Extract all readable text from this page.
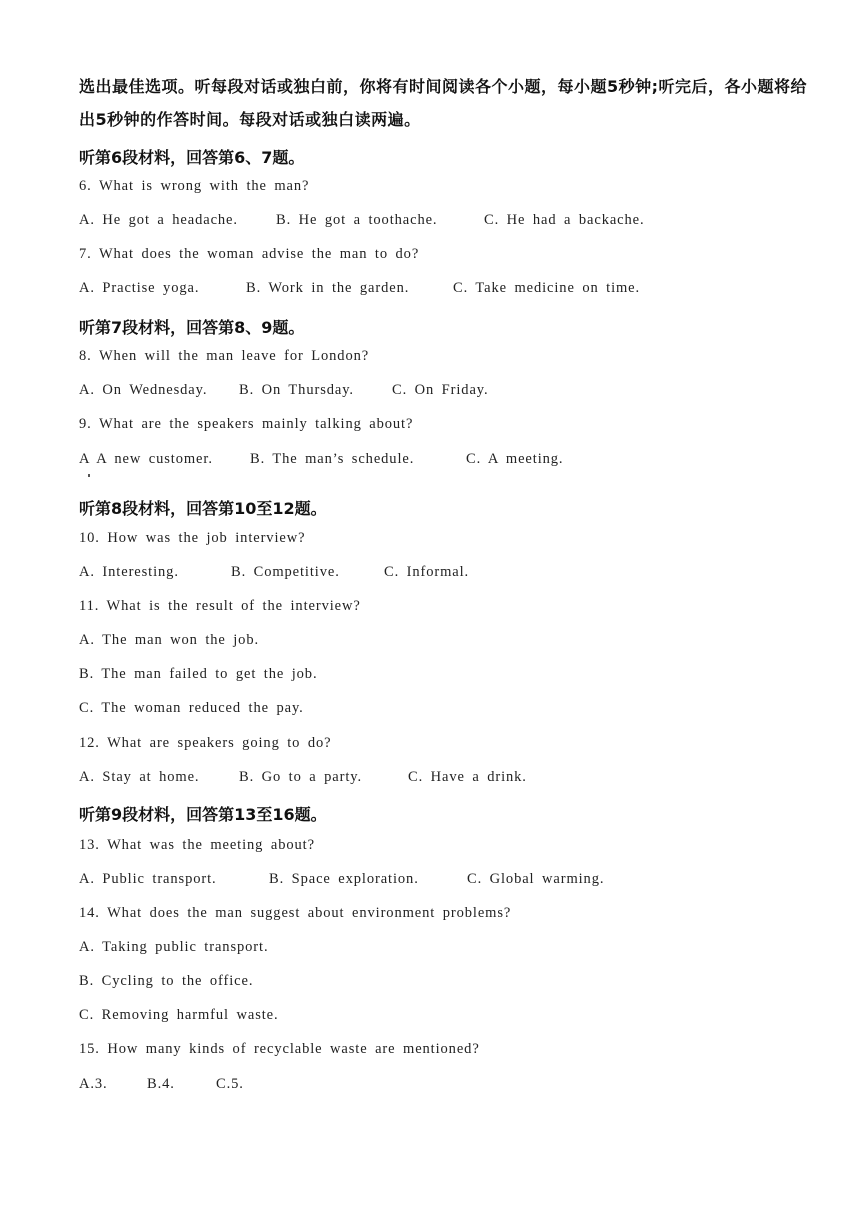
选出最佳选项。听每段对话或独白前，你将有时间阅读各个小题，每小题5秒钟;听完后，各小题将给出5秒钟的作答时间。每段对话或独白读两遍。
听第6段材料，回答第6、7题。
6. What is wrong with the man?
A. He got a headache.	B. He got a toothache.	C. He had a backache.
7. What does the woman advise the man to do?
A. Practise yoga.	B. Work in the garden.	C. Take medicine on time.
听第7段材料，回答第8、9题。
8. When will the man leave for London?
A. On Wednesday. B. On Thursday.	C. On Friday.
9. What are the speakers mainly talking about?
A A new customer.	B. The man’s schedule.	C. A meeting.
听第8段材料，回答第10至12题。
10. How was the job interview?
A. Interesting.	B. Competitive.	C. Informal.
11. What is the result of the interview?
A. The man won the job.
B. The man failed to get the job.
C. The woman reduced the pay.
12. What are speakers going to do?
A. Stay at home.	B. Go to a party.	C. Have a drink.
听第9段材料，回答第13至16题。
13. What was the meeting about?
A. Public transport.	B. Space exploration.	C. Global warming.
14. What does the man suggest about environment problems?
A. Taking public transport.
B. Cycling to the office.
C. Removing harmful waste.
15. How many kinds of recyclable waste are mentioned?
A.3.	B.4.	C.5.
